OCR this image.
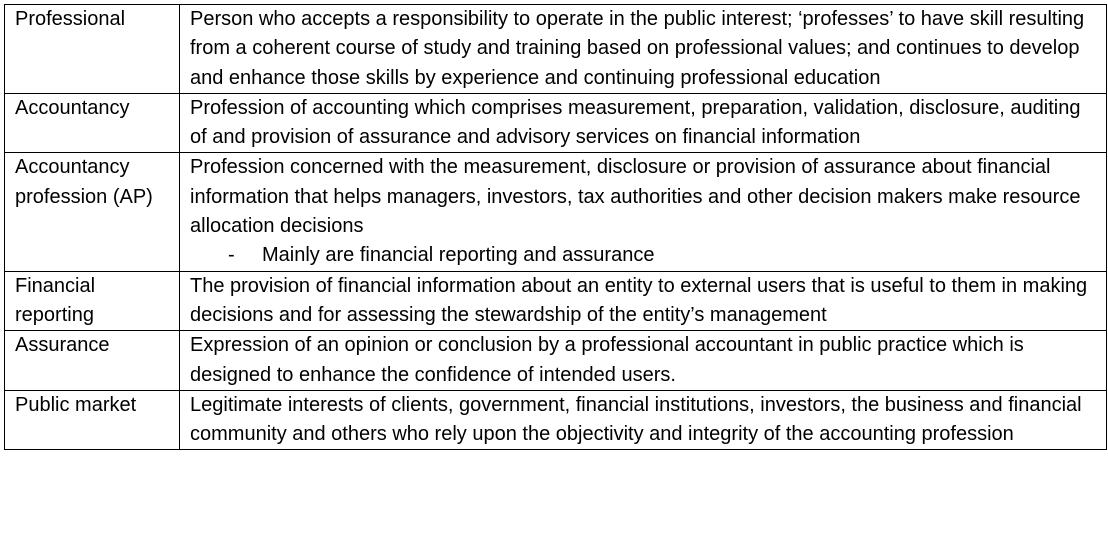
Professional	Person who accepts a responsibility to operate in the public interest; ‘professes’ to have skill resulting from a coherent course of study and training based on professional values; and continues to develop and enhance those skills by experience and continuing professional education
Accountancy	Profession of accounting which comprises measurement, preparation, validation, disclosure, auditing of and provision of assurance and advisory services on financial information
Accountancy profession (AP)	Profession concerned with the measurement, disclosure or provision of assurance about financial information that helps managers, investors, tax authorities and other decision makers make resource allocation decisions
- Mainly are financial reporting and assurance

Financial reporting	The provision of financial information about an entity to external users that is useful to them in making decisions and for assessing the stewardship of the entity’s management
Assurance	Expression of an opinion or conclusion by a professional accountant in public practice which is designed to enhance the confidence of intended users.
Public market	Legitimate interests of clients, government, financial institutions, investors, the business and financial community and others who rely upon the objectivity and integrity of the accounting profession
